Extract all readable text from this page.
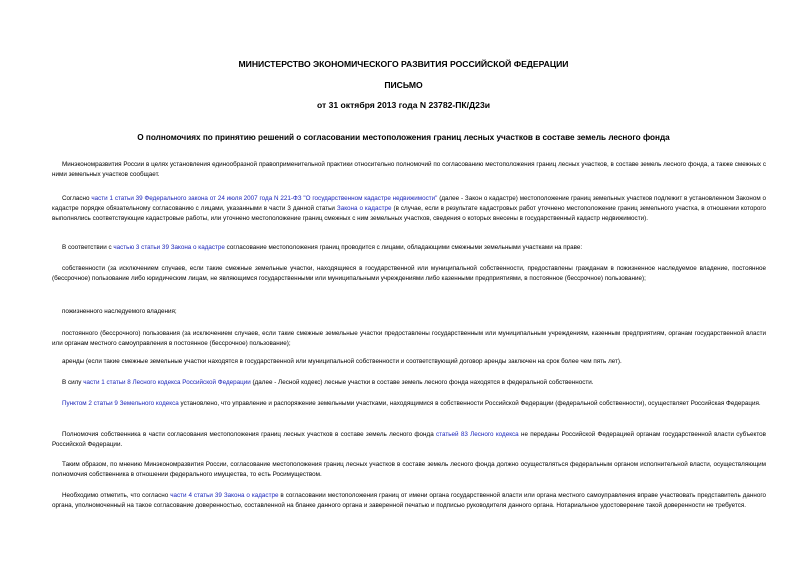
МИНИСТЕРСТВО ЭКОНОМИЧЕСКОГО РАЗВИТИЯ РОССИЙСКОЙ ФЕДЕРАЦИИ
ПИСЬМО
от 31 октября 2013 года N 23782-ПК/Д23и
О полномочиях по принятию решений о согласовании местоположения границ лесных участков в составе земель лесного фонда
Минэкономразвития России в целях установления единообразной правоприменительной практики относительно полномочий по согласованию местоположения границ лесных участков, в составе земель лесного фонда, а также смежных с ними земельных участков сообщает.
Согласно части 1 статьи 39 Федерального закона от 24 июля 2007 года N 221-ФЗ "О государственном кадастре недвижимости" (далее - Закон о кадастре) местоположение границ земельных участков подлежит в установленном Законом о кадастре порядке обязательному согласованию с лицами, указанными в части 3 данной статьи Закона о кадастре (в случае, если в результате кадастровых работ уточнено местоположение границ земельного участка, в отношении которого выполнялись соответствующие кадастровые работы, или уточнено местоположение границ смежных с ним земельных участков, сведения о которых внесены в государственный кадастр недвижимости).
В соответствии с частью 3 статьи 39 Закона о кадастре согласование местоположения границ проводится с лицами, обладающими смежными земельными участками на праве:
собственности (за исключением случаев, если такие смежные земельные участки, находящиеся в государственной или муниципальной собственности, предоставлены гражданам в пожизненное наследуемое владение, постоянное (бессрочное) пользование либо юридическим лицам, не являющимся государственными или муниципальными учреждениями либо казенными предприятиями, в постоянное (бессрочное) пользование);
пожизненного наследуемого владения;
постоянного (бессрочного) пользования (за исключением случаев, если такие смежные земельные участки предоставлены государственным или муниципальным учреждениям, казенным предприятиям, органам государственной власти или органам местного самоуправления в постоянное (бессрочное) пользование);
аренды (если такие смежные земельные участки находятся в государственной или муниципальной собственности и соответствующий договор аренды заключен на срок более чем пять лет).
В силу части 1 статьи 8 Лесного кодекса Российской Федерации (далее - Лесной кодекс) лесные участки в составе земель лесного фонда находятся в федеральной собственности.
Пунктом 2 статьи 9 Земельного кодекса установлено, что управление и распоряжение земельными участками, находящимися в собственности Российской Федерации (федеральной собственности), осуществляет Российская Федерация.
Полномочия собственника в части согласования местоположения границ лесных участков в составе земель лесного фонда статьей 83 Лесного кодекса не переданы Российской Федерацией органам государственной власти субъектов Российской Федерации.
Таким образом, по мнению Минэкономразвития России, согласование местоположения границ лесных участков в составе земель лесного фонда должно осуществляться федеральным органом исполнительной власти, осуществляющим полномочия собственника в отношении федерального имущества, то есть Росимуществом.
Необходимо отметить, что согласно части 4 статьи 39 Закона о кадастре в согласовании местоположения границ от имени органа государственной власти или органа местного самоуправления вправе участвовать представитель данного органа, уполномоченный на такое согласование доверенностью, составленной на бланке данного органа и заверенной печатью и подписью руководителя данного органа. Нотариальное удостоверение такой доверенности не требуется.
